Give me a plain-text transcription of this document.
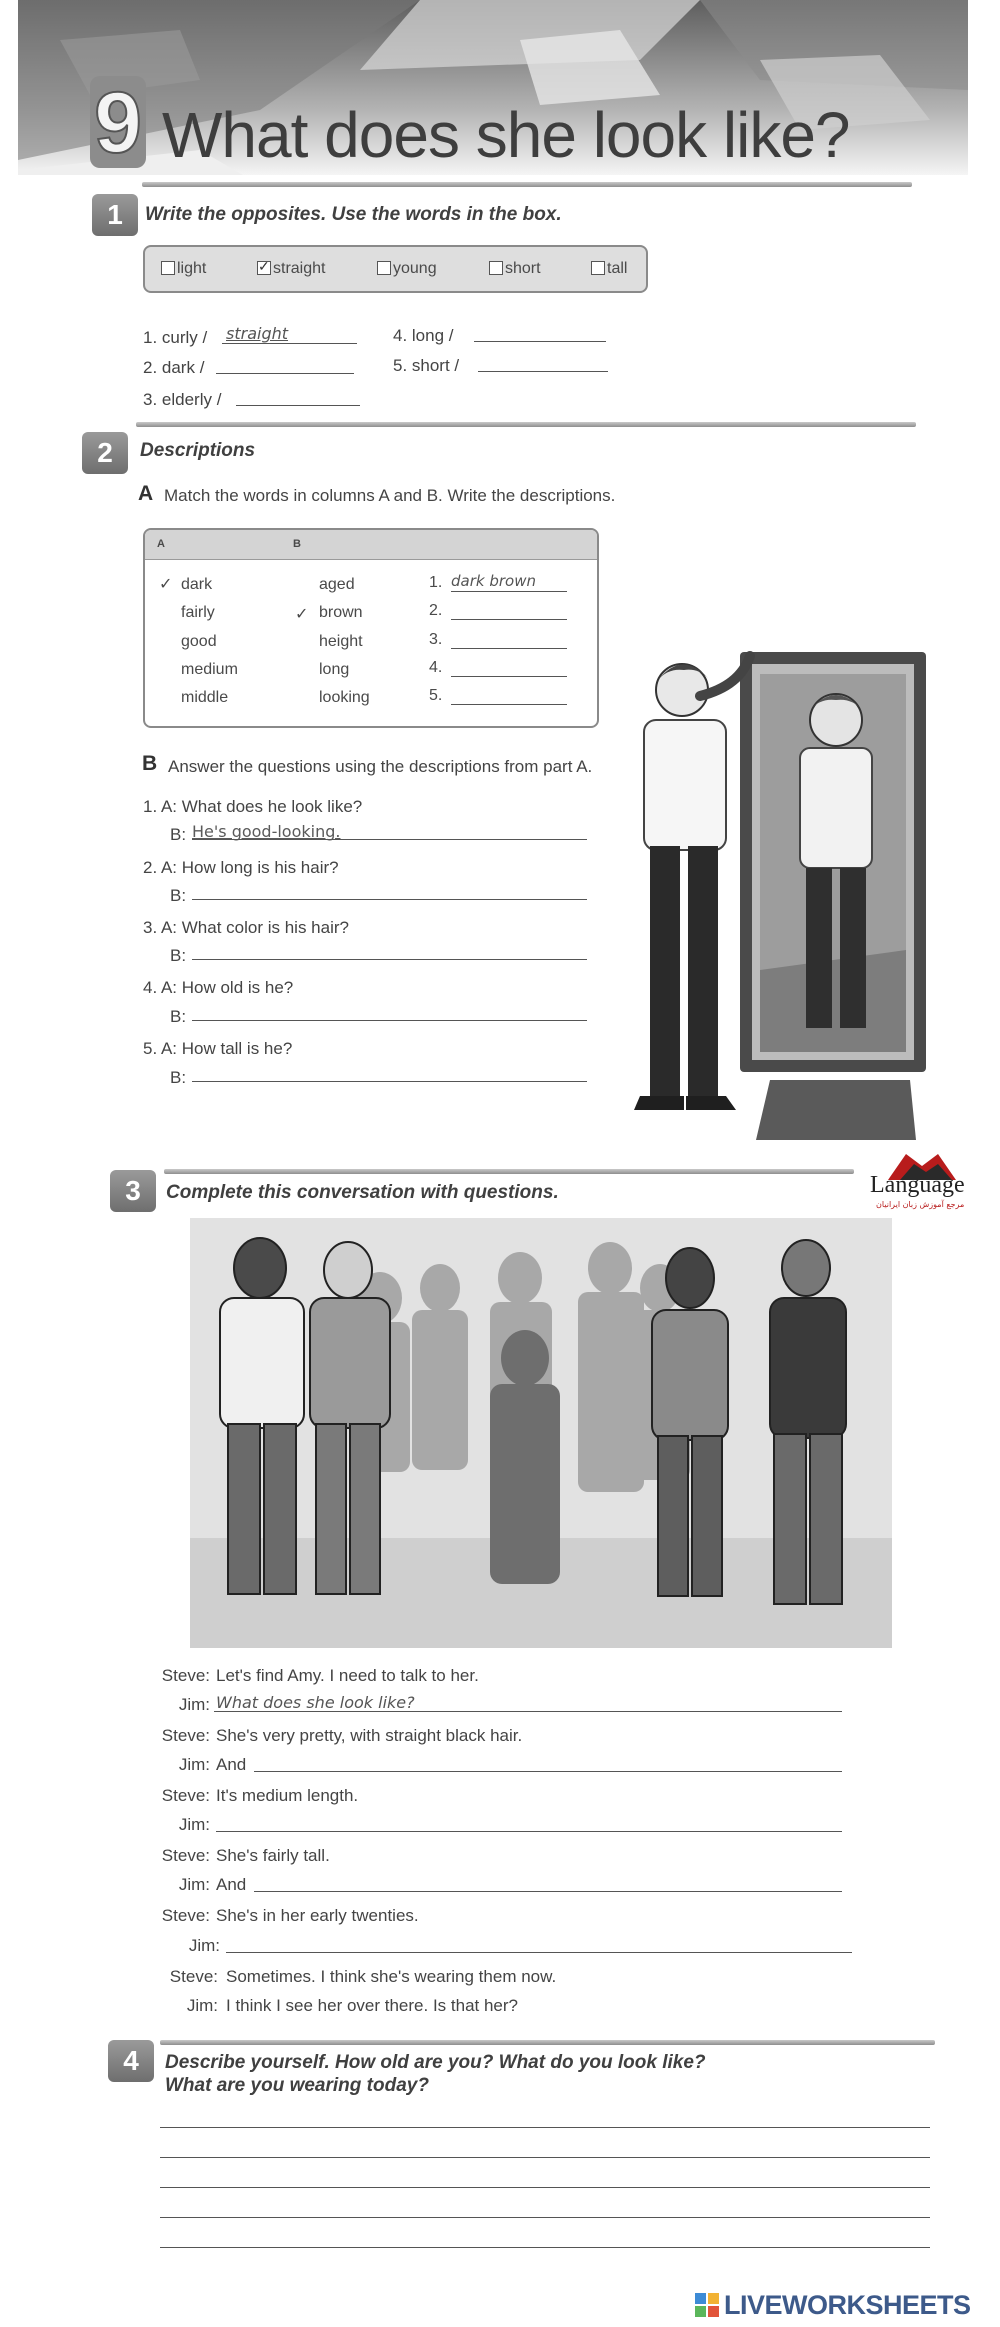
9 What does she look like?
1	Write the opposites. Use the words in the box.
light
✓	straight	young	short	tall
1. curly / straight
2. dark /
3. elderly /
4. long /
5. short /
2	Descriptions
A Match the words in columns A and B. Write the descriptions.
A	B
✓ dark
fairly
good
medium
middle
✓
aged
brown
height
long
looking
1. dark brown
2.
3.
4.
5.
B Answer the questions using the descriptions from part A.
1. A: What does he look like?
B: He's good-looking.
2. A: How long is his hair?
B:
3. A: What color is his hair?
B:
4. A: How old is he?
B:
5. A: How tall is he?
B:
3	Complete this conversation with questions.	Language
مرجع آموزش زبان ایرانیان
Steve: Let's find Amy. I need to talk to her.
Jim: What does she look like?
Steve: She's very pretty, with straight black hair.
Jim: And
Steve: It's medium length.
Jim:
Steve: She's fairly tall.
Jim: And
Steve: She's in her early twenties.
Jim:
Steve: Sometimes. I think she's wearing them now.
Jim: I think I see her over there. Is that her?
4	Describe yourself. How old are you? What do you look like?
What are you wearing today?
LIVEWORKSHEETS
